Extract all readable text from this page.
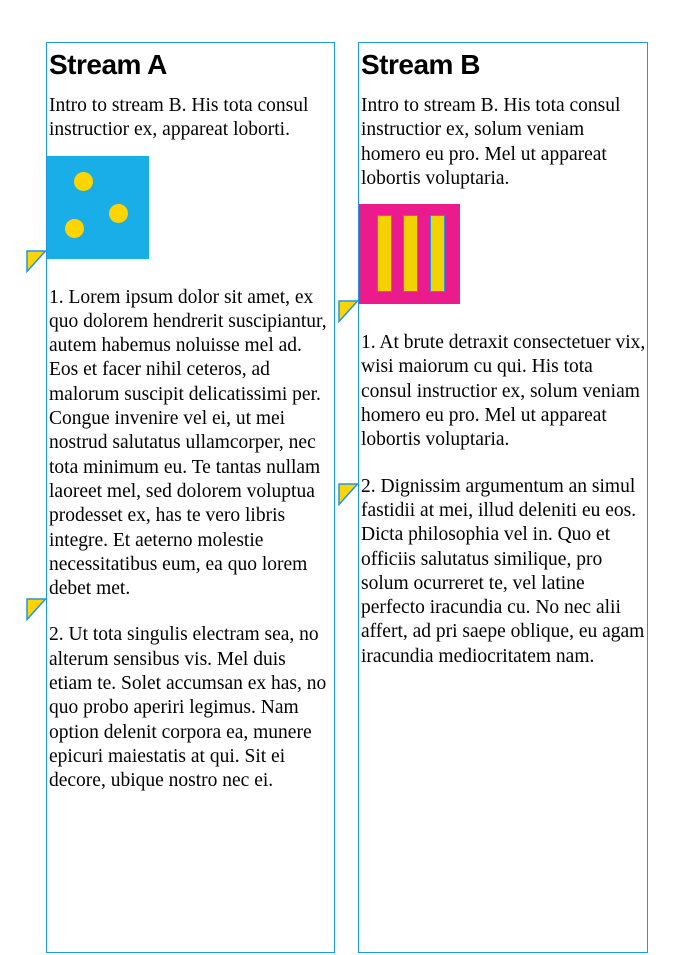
Stream A

Intro to stream B. His tota consul instructior ex, appareat loborti.

1. Lorem ipsum dolor sit amet, ex quo dolorem hendrerit suscipiantur, autem habemus noluisse mel ad. Eos et facer nihil ceteros, ad malorum suscipit delicatissimi per. Congue invenire vel ei, ut mei nostrud salutatus ullamcorper, nec tota minimum eu. Te tantas nullam laoreet mel, sed dolorem voluptua prodesset ex, has te vero libris integre. Et aeterno molestie necessitatibus eum, ea quo lorem debet met.

2. Ut tota singulis electram sea, no alterum sensibus vis. Mel duis etiam te. Solet accumsan ex has, no quo probo aperiri legimus. Nam option delenit corpora ea, munere epicuri maiestatis at qui. Sit ei decore, ubique nostro nec ei.

Stream B

Intro to stream B. His tota consul instructior ex, solum veniam homero eu pro. Mel ut appareat lobortis voluptaria.

1. At brute detraxit consectetuer vix, wisi maiorum cu qui. His tota consul instructior ex, solum veniam homero eu pro. Mel ut appareat lobortis voluptaria.

2. Dignissim argumentum an simul fastidii at mei, illud deleniti eu eos. Dicta philosophia vel in. Quo et officiis salutatus similique, pro solum ocurreret te, vel latine perfecto iracundia cu. No nec alii affert, ad pri saepe oblique, eu agam iracundia mediocritatem nam.
